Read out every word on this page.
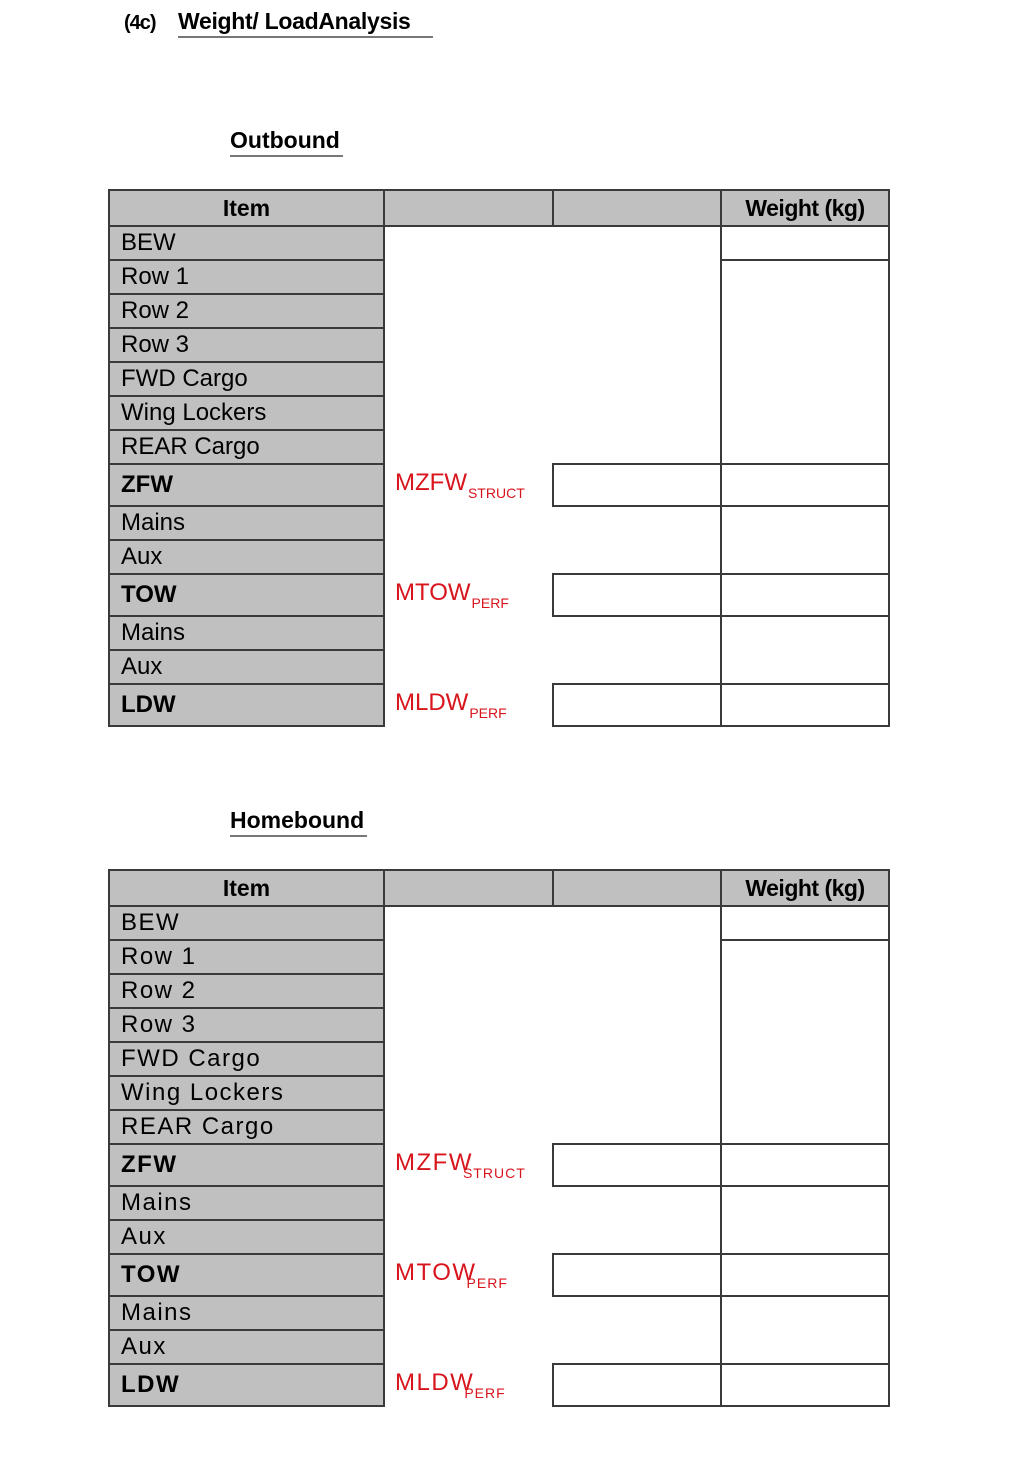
(4c) Weight/ LoadAnalysis
Outbound
Item			Weight (kg)
BEW			
Row 1			
Row 2			
Row 3			
FWD Cargo			
Wing Lockers			
REAR Cargo			
ZFW	$MZFW_{STRUCT}$		
Mains			
Aux			
TOW	$MTOW_{PERF}$		
Mains			
Aux			
LDW	$MLDW_{PERF}$		
Homebound
Item			Weight (kg)
BEW			
Row 1			
Row 2			
Row 3			
FWD Cargo			
Wing Lockers			
REAR Cargo			
ZFW	$MZFW_{STRUCT}$		
Mains			
Aux			
TOW	$MTOW_{PERF}$		
Mains			
Aux			
LDW	$MLDW_{PERF}$		
